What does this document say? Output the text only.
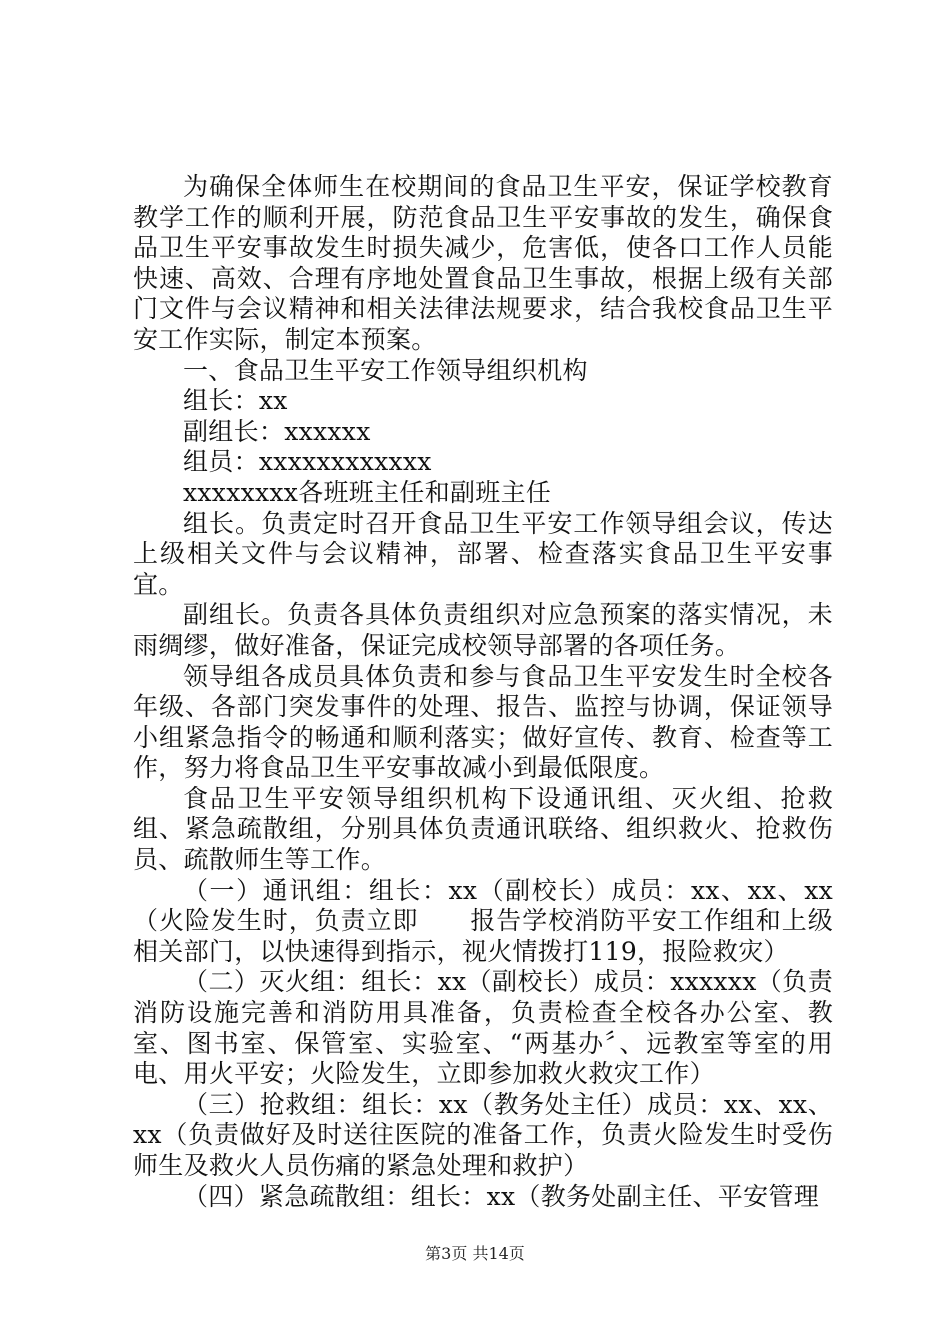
为确保全体师生在校期间的食品卫生平安，保证学校教育教学工作的顺利开展，防范食品卫生平安事故的发生，确保食品卫生平安事故发生时损失减少，危害低，使各口工作人员能快速、高效、合理有序地处置食品卫生事故，根据上级有关部门文件与会议精神和相关法律法规要求，结合我校食品卫生平安工作实际，制定本预案。

一、食品卫生平安工作领导组织机构

组长：xx

副组长：xxxxxx

组员：xxxxxxxxxxxx

xxxxxxxx各班班主任和副班主任

组长。负责定时召开食品卫生平安工作领导组会议，传达上级相关文件与会议精神，部署、检查落实食品卫生平安事宜。

副组长。负责各具体负责组织对应急预案的落实情况，未雨绸缪，做好准备，保证完成校领导部署的各项任务。

领导组各成员具体负责和参与食品卫生平安发生时全校各年级、各部门突发事件的处理、报告、监控与协调，保证领导小组紧急指令的畅通和顺利落实；做好宣传、教育、检查等工作，努力将食品卫生平安事故减小到最低限度。

食品卫生平安领导组织机构下设通讯组、灭火组、抢救组、紧急疏散组，分别具体负责通讯联络、组织救火、抢救伤员、疏散师生等工作。

（一）通讯组：组长：xx（副校长）成员：xx、xx、xx（火险发生时，负责立即　　报告学校消防平安工作组和上级相关部门，以快速得到指示，视火情拨打119，报险救灾）

（二）灭火组：组长：xx（副校长）成员：xxxxxx（负责消防设施完善和消防用具准备，负责检查全校各办公室、教室、图书室、保管室、实验室、“两基办〞、远教室等室的用电、用火平安；火险发生，立即参加救火救灾工作）

（三）抢救组：组长：xx（教务处主任）成员：xx、xx、xx（负责做好及时送往医院的准备工作，负责火险发生时受伤师生及救火人员伤痛的紧急处理和救护）

（四）紧急疏散组：组长：xx（教务处副主任、平安管理

第3页 共14页
